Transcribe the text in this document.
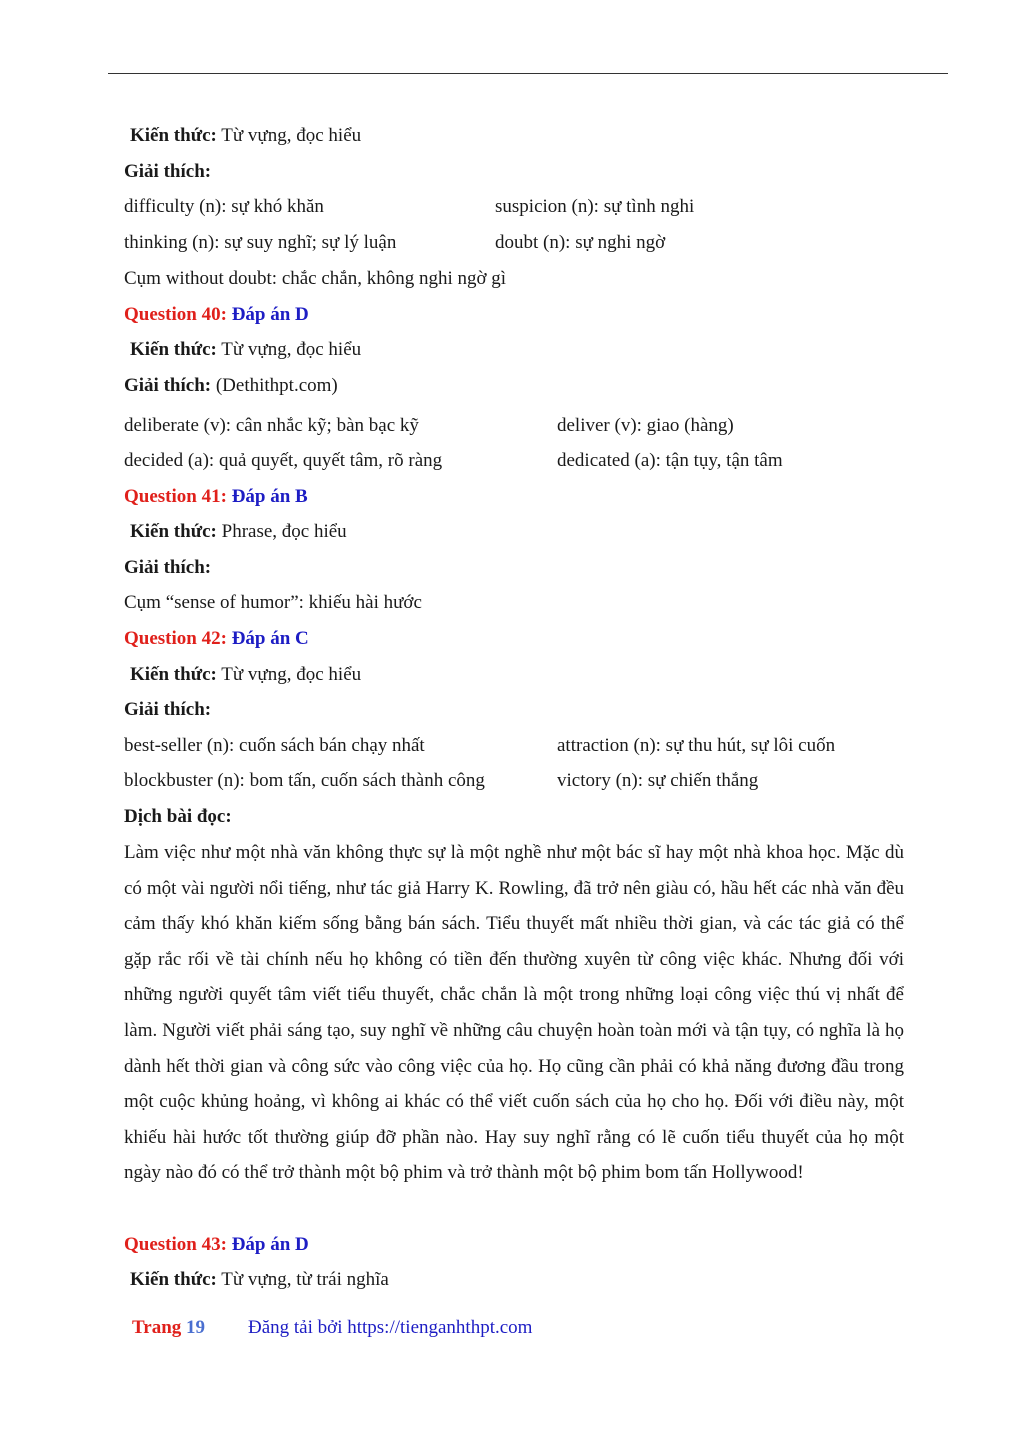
Kiến thức: Từ vựng, đọc hiểu
Giải thích:
difficulty (n): sự khó khăn	suspicion (n): sự tình nghi
thinking (n): sự suy nghĩ; sự lý luận	doubt (n): sự nghi ngờ
Cụm without doubt: chắc chắn, không nghi ngờ gì
Question 40: Đáp án D
Kiến thức: Từ vựng, đọc hiểu
Giải thích: (Dethithpt.com)
deliberate (v): cân nhắc kỹ; bàn bạc kỹ	deliver (v): giao (hàng)
decided (a): quả quyết, quyết tâm, rõ ràng	dedicated (a): tận tụy, tận tâm
Question 41: Đáp án B
Kiến thức: Phrase, đọc hiểu
Giải thích:
Cụm “sense of humor”: khiếu hài hước
Question 42: Đáp án C
Kiến thức: Từ vựng, đọc hiểu
Giải thích:
best-seller (n): cuốn sách bán chạy nhất	attraction (n): sự thu hút, sự lôi cuốn
blockbuster (n): bom tấn, cuốn sách thành công	victory (n): sự chiến thắng
Dịch bài đọc:
Làm việc như một nhà văn không thực sự là một nghề như một bác sĩ hay một nhà khoa học. Mặc dù có một vài người nổi tiếng, như tác giả Harry K. Rowling, đã trở nên giàu có, hầu hết các nhà văn đều cảm thấy khó khăn kiếm sống bằng bán sách. Tiểu thuyết mất nhiều thời gian, và các tác giả có thể gặp rắc rối về tài chính nếu họ không có tiền đến thường xuyên từ công việc khác. Nhưng đối với những người quyết tâm viết tiểu thuyết, chắc chắn là một trong những loại công việc thú vị nhất để làm. Người viết phải sáng tạo, suy nghĩ về những câu chuyện hoàn toàn mới và tận tụy, có nghĩa là họ dành hết thời gian và công sức vào công việc của họ. Họ cũng cần phải có khả năng đương đầu trong một cuộc khủng hoảng, vì không ai khác có thể viết cuốn sách của họ cho họ. Đối với điều này, một khiếu hài hước tốt thường giúp đỡ phần nào. Hay suy nghĩ rằng có lẽ cuốn tiểu thuyết của họ một ngày nào đó có thể trở thành một bộ phim và trở thành một bộ phim bom tấn Hollywood!
Question 43: Đáp án D
Kiến thức: Từ vựng, từ trái nghĩa
Trang 19 Đăng tải bởi https://tienganhthpt.com
